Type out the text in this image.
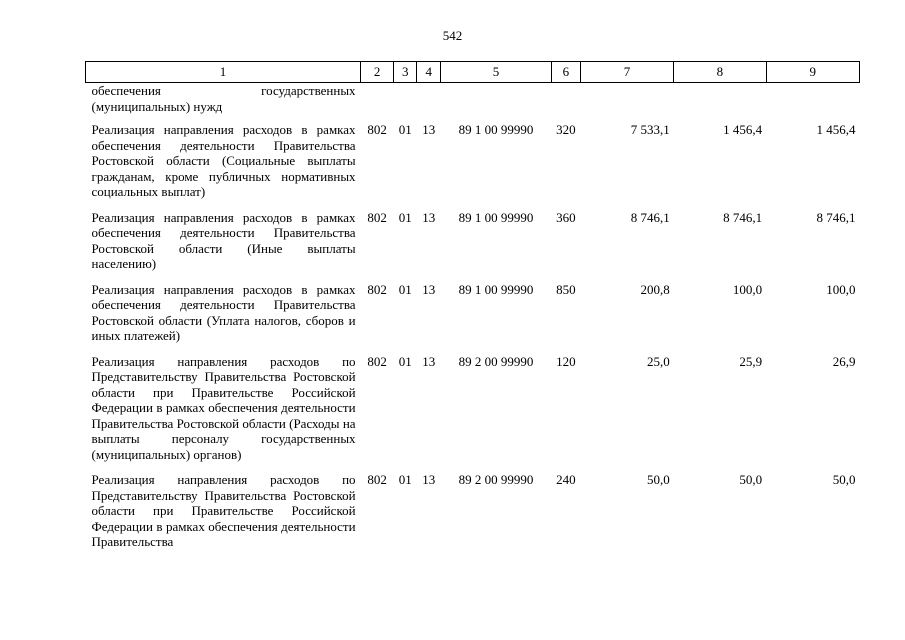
542
1	2	3	4	5	6	7	8	9
обеспечения государственных (муниципальных) нужд								
Реализация направления расходов в рамках обеспечения деятельности Правительства Ростовской области (Социальные выплаты гражданам, кроме публичных нормативных социальных выплат)	802	01	13	89 1 00 99990	320	7 533,1	1 456,4	1 456,4
Реализация направления расходов в рамках обеспечения деятельности Правительства Ростовской области (Иные выплаты населению)	802	01	13	89 1 00 99990	360	8 746,1	8 746,1	8 746,1
Реализация направления расходов в рамках обеспечения деятельности Правительства Ростовской области (Уплата налогов, сборов и иных платежей)	802	01	13	89 1 00 99990	850	200,8	100,0	100,0
Реализация направления расходов по Представительству Правительства Ростовской области при Правительстве Российской Федерации в рамках обеспечения деятельности Правительства Ростовской области (Расходы на выплаты персоналу государственных (муниципальных) органов)	802	01	13	89 2 00 99990	120	25,0	25,9	26,9
Реализация направления расходов по Представительству Правительства Ростовской области при Правительстве Российской Федерации в рамках обеспечения деятельности Правительства	802	01	13	89 2 00 99990	240	50,0	50,0	50,0
